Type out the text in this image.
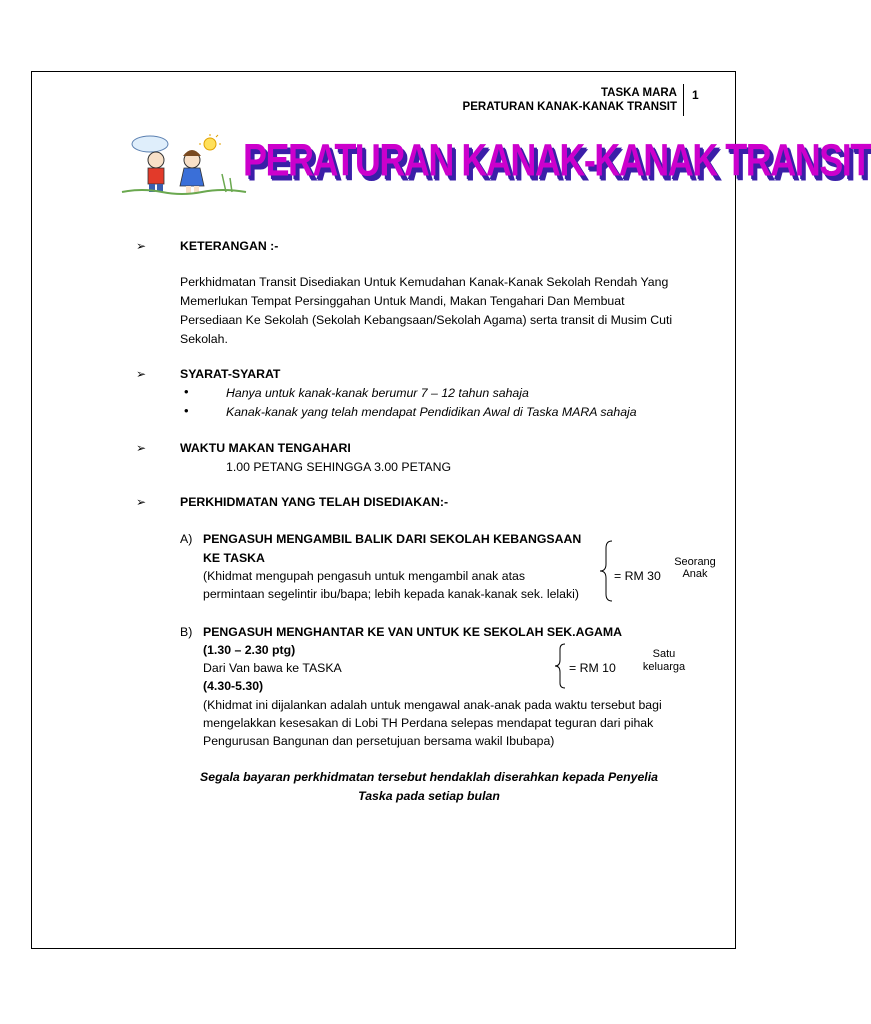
TASKA MARA
PERATURAN KANAK-KANAK TRANSIT
1
PERATURAN KANAK-KANAK TRANSIT
➢	KETERANGAN :-
Perkhidmatan Transit Disediakan Untuk Kemudahan Kanak-Kanak Sekolah Rendah Yang
Memerlukan Tempat Persinggahan Untuk Mandi, Makan Tengahari Dan Membuat
Persediaan Ke Sekolah (Sekolah Kebangsaan/Sekolah Agama) serta transit di Musim Cuti
Sekolah.
➢	SYARAT-SYARAT
•	Hanya untuk kanak-kanak berumur 7 – 12 tahun sahaja
•	Kanak-kanak yang telah mendapat Pendidikan Awal di Taska MARA sahaja
➢	WAKTU MAKAN TENGAHARI
1.00 PETANG SEHINGGA 3.00 PETANG
➢	PERKHIDMATAN YANG TELAH DISEDIAKAN:-
A) PENGASUH MENGAMBIL BALIK DARI SEKOLAH KEBANGSAAN
KE TASKA
(Khidmat mengupah pengasuh untuk mengambil anak atas
permintaan segelintir ibu/bapa; lebih kepada kanak-kanak sek. lelaki)
= RM 30
Seorang
Anak
B) PENGASUH MENGHANTAR KE VAN UNTUK KE SEKOLAH SEK.AGAMA
(1.30 – 2.30 ptg)
Dari Van bawa ke TASKA
(4.30-5.30)
= RM 10
Satu
keluarga
(Khidmat ini dijalankan adalah untuk mengawal anak-anak pada waktu tersebut bagi
mengelakkan kesesakan di Lobi TH Perdana selepas mendapat teguran dari pihak
Pengurusan Bangunan dan persetujuan bersama wakil Ibubapa)
Segala bayaran perkhidmatan tersebut hendaklah diserahkan kepada Penyelia
Taska pada setiap bulan
